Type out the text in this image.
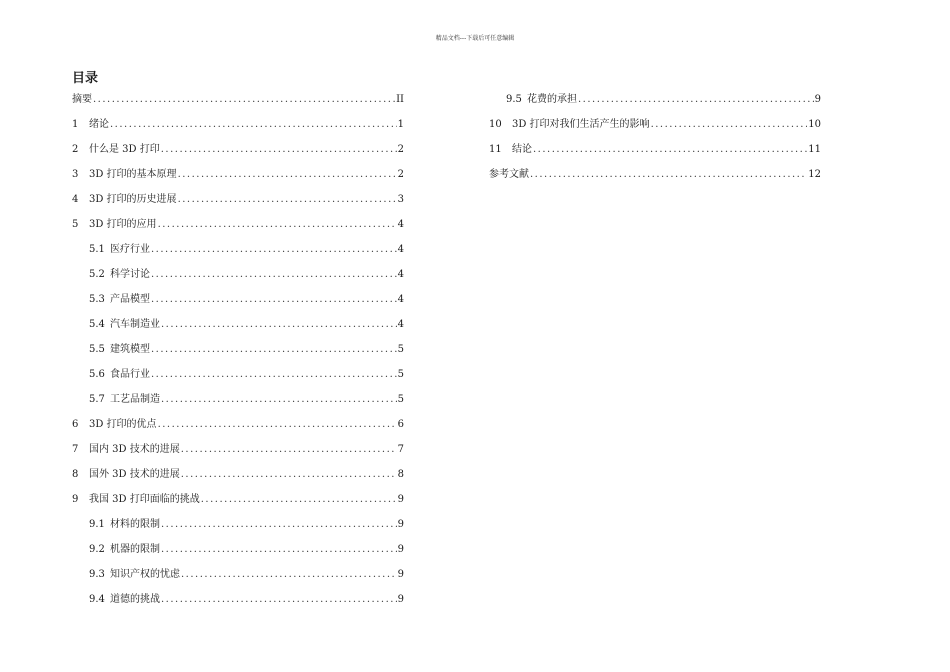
精品文档---下载后可任意编辑
目录
摘要 .....	II
1	绪论 .....	1
2	什么是 3D 打印 .....	2
3	3D 打印的基本原理 .....	2
4	3D 打印的历史进展 .....	3
5	3D 打印的应用 .....	4
5.1 医疗行业 .....	4
5.2 科学讨论 .....	4
5.3 产品模型 .....	4
5.4 汽车制造业 .....	4
5.5 建筑模型 .....	5
5.6 食品行业 .....	5
5.7 工艺品制造 .....	5
6	3D 打印的优点 .....	6
7	国内 3D 技术的进展 .....	7
8	国外 3D 技术的进展 .....	8
9	我国 3D 打印面临的挑战 .....	9
9.1 材料的限制 .....	9
9.2 机器的限制 .....	9
9.3 知识产权的忧虑 .....	9
9.4 道德的挑战 .....	9
9.5 花费的承担 .....	9
10	3D 打印对我们生活产生的影响 .....	10
11	结论 .....	11
参考文献 .....	12
